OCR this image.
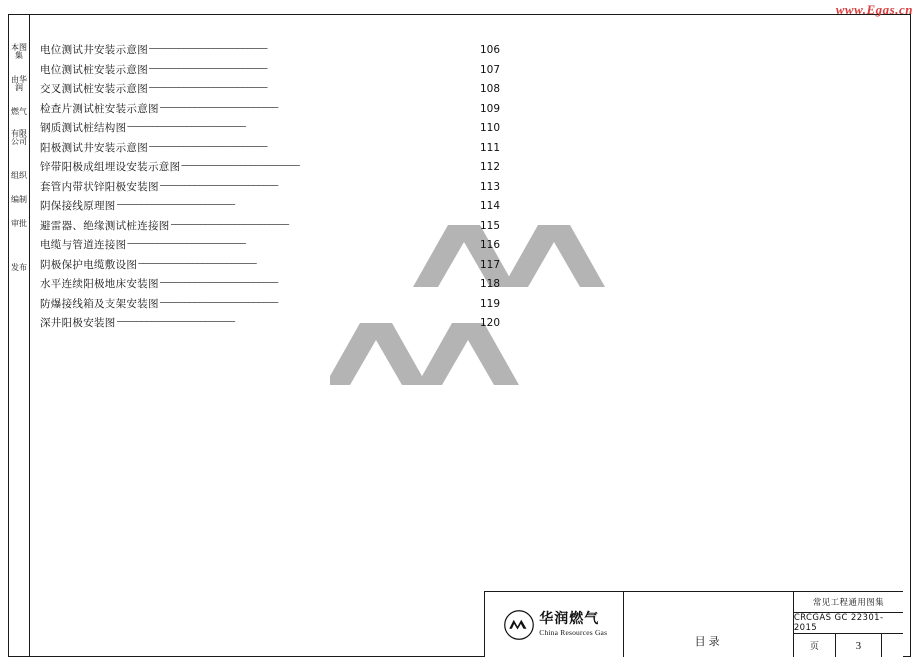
www.Egas.cn
本图集
由华润
燃气
有限公司
组织
编制
审批
发布
电位测试井安装示意图 ————————————————————————	106
电位测试桩安装示意图 ————————————————————————	107
交叉测试桩安装示意图 ————————————————————————	108
检查片测试桩安装示意图 ————————————————————————	109
钢质测试桩结构图 ————————————————————————	110
阳极测试井安装示意图 ————————————————————————	111
锌带阳极成组埋设安装示意图 ————————————————————————	112
套管内带状锌阳极安装图 ————————————————————————	113
阴保接线原理图 ————————————————————————	114
避雷器、绝缘测试桩连接图 ————————————————————————	115
电缆与管道连接图 ————————————————————————	116
阴极保护电缆敷设图 ————————————————————————	117
水平连续阳极地床安装图 ————————————————————————	118
防爆接线箱及支架安装图 ————————————————————————	119
深井阳极安装图 ————————————————————————	120
华润燃气
China Resources Gas
目录
常见工程通用图集
CRCGAS GC 22301-2015
页	3
